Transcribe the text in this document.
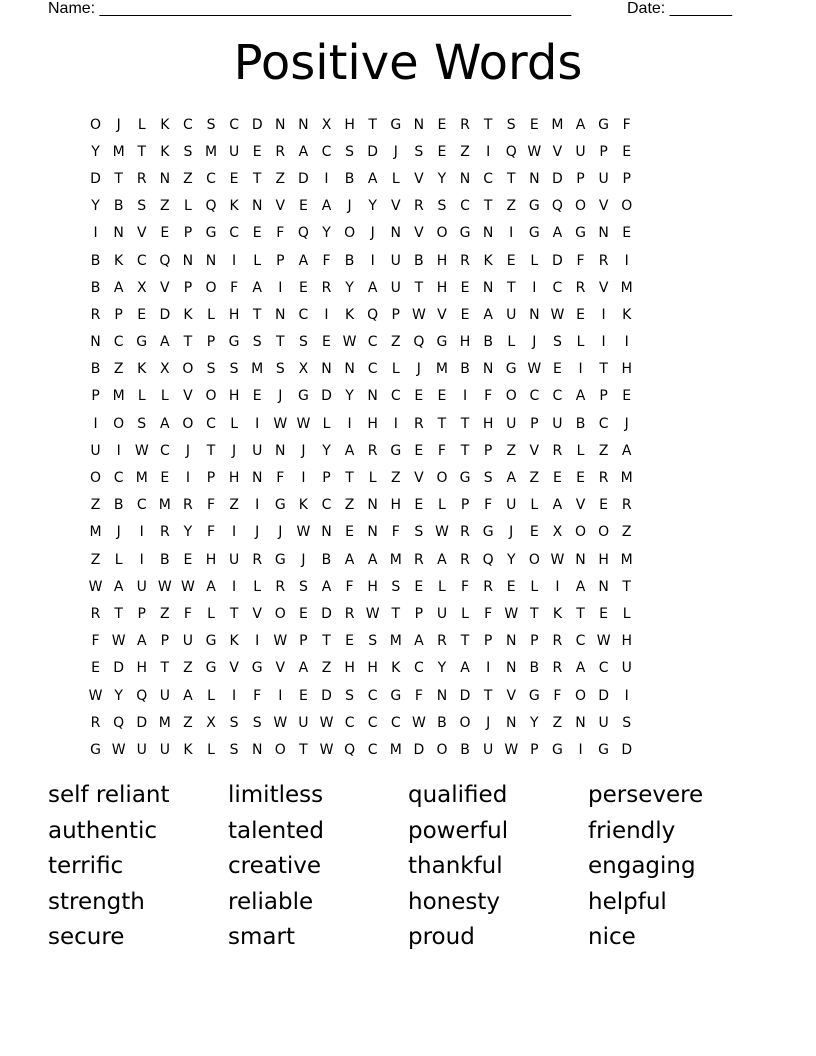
Name: _____________________________________________________	Date: _______
Positive Words
O	J	L	K C S C D N N X H T G N E R T	S	E M A G F
Y M T	K	S M U E R A C S D	J	S	E Z	I	Q W V U P	E
D T R N Z C E	T	Z D	I	B A	L	V	Y N C T N D P U P
Y	B S Z	L Q K N V E A	J	Y	V R S C T	Z G Q O V O
I	N V E	P G C E	F Q Y O	J	N V O G N	I	G A G N E
B K C Q N N	I	L	P	A	F	B	I	U B H R K	E	L D F	R	I
B A X V	P O F	A	I	E R Y	A U T H E N T	I	C R V M
R	P	E D K	L H T N C	I	K Q P W V E A U N W E	I	K
N C G A	T	P G S	T	S	E W C Z Q G H B	L	J	S	L	I	I
B Z K X O S	S M S X N N C	L	J	M B N G W E	I	T H
P M L	L	V O H E	J	G D Y N C E	E	I	F O C C A	P	E
I	O S A O C	L	I	W W L	I	H	I	R T	T H U P U B C	J
U	I	W C	J	T	J	U N	J	Y	A R G E	F	T	P	Z V R	L	Z A
O C M E	I	P H N F	I	P	T	L	Z V O G S A Z E	E R M
Z B C M R	F	Z	I	G K C Z N H E	L	P	F U	L	A V E R
M	J	I	R Y	F	I	J	J	W N E N F	S W R G	J	E X O O Z
Z	L	I	B E H U R G	J	B A A M R A R Q Y O W N H M
W A U W W A	I	L	R S A	F H S	E	L	F	R E	L	I	A N T
R T	P	Z	F	L	T	V O E D R W T	P U	L	F W T	K	T	E	L
F W A	P U G K	I	W P	T	E	S M A R T	P N P	R C W H
E D H T	Z G V G V A Z H H K C Y	A	I	N B R A C U
W Y Q U A	L	I	F	I	E D S C G F N D T	V G F O D	I
R Q D M Z X S	S W U W C C C W B O	J	N Y	Z N U S
G W U U K	L	S N O T W Q C M D O B U W P G	I	G D
self reliant	limitless	qualified	persevere
authentic	talented	powerful	friendly
terrific	creative	thankful	engaging
strength	reliable	honesty	helpful
secure	smart	proud	nice
